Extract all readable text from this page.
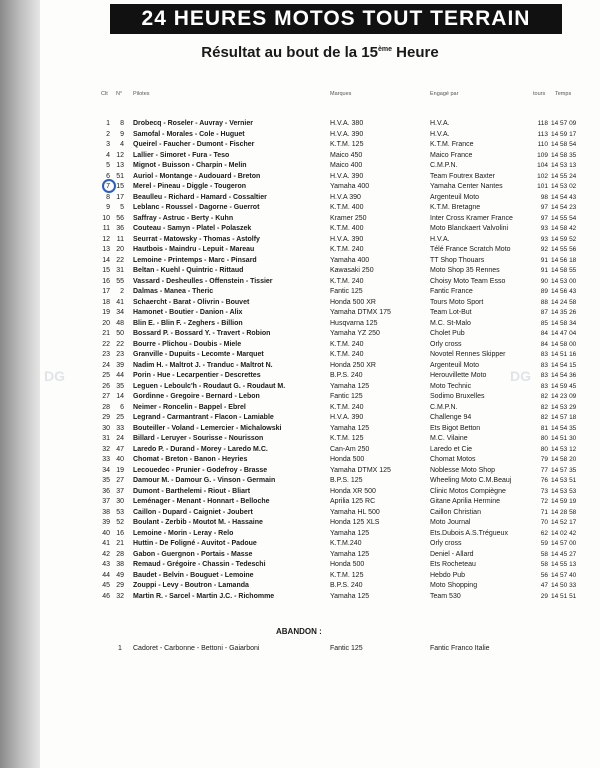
24 HEURES MOTOS TOUT TERRAIN
Résultat au bout de la 15ème Heure
Clt N° Pilotes	Marques	Engagé par	tours Temps
1	8 Drobecq - Roseler - Auvray - Vernier	H.V.A. 380	H.V.A.	118 14 57 09
2	9 Samofal - Morales - Cole - Huguet	H.V.A. 390	H.V.A.	113 14 59 17
3	4 Queirel - Faucher - Dumont - Fischer	K.T.M. 125	K.T.M. France	110 14 58 54
4 12 Lallier - Simoret - Fura - Teso	Maico 450	Maico France	109 14 58 35
5 13 Mignot - Buisson - Charpin - Melin	Maico 400	C.M.P.N.	104 14 53 13
6 51 Auriol - Montange - Audouard - Breton	H.V.A. 390	Team Foutrex Baxter	102 14 55 24
7 15 Merel - Pineau - Diggle - Tougeron	Yamaha 400	Yamaha Center Nantes	101 14 53 02
8 17 Beaulleu - Richard - Hamard - Cossaltier	H.V.A 390	Argenteuil Moto	98 14 54 43
9	5 Leblanc - Roussel - Dagorne - Guerrot	K.T.M. 400	K.T.M. Bretagne	97 14 54 23
10 56 Saffray - Astruc - Berty - Kuhn	Kramer 250	Inter Cross Kramer France	97 14 55 54
11 36 Couteau - Samyn - Platel - Polaszek	K.T.M. 400	Moto Blanckaert Valvolini	93 14 58 42
12 11 Seurrat - Matowsky - Thomas - Astolfy	H.V.A. 390	H.V.A.	93 14 59 52
13 20 Hautbois - Maindru - Lepuit - Mareau	K.T.M. 240	Télé France Scratch Moto	92 14 55 56
14 22 Lemoine - Printemps - Marc - Pinsard	Yamaha 400	TT Shop Thouars	91 14 56 18
15 31 Beltan - Kuehl - Quintric - Rittaud	Kawasaki 250	Moto Shop 35 Rennes	91 14 58 55
16 55 Vassard - Desheulles - Offenstein - Tissier	K.T.M. 240	Choisy Moto Team Esso	90 14 53 00
17	2 Dalmas - Manea - Theric	Fantic 125	Fantic France	89 14 56 43
18 41 Schaercht - Barat - Olivrin - Bouvet	Honda 500 XR	Tours Moto Sport	88 14 24 58
19 34 Hamonet - Boutier - Danion - Alix	Yamaha DTMX 175	Team Lot-But	87 14 35 26
20 48 Blin E. - Blin F. - Zeghers - Billion	Husqvarna 125	M.C. St-Malo	85 14 58 34
21 50 Bossard P. - Bossard Y. - Travert - Robion	Yamaha YZ 250	Cholet Pub	84 14 47 04
22 22 Bourre - Plichou - Doubis - Miele	K.T.M. 240	Orly cross	84 14 58 00
23 23 Granville - Dupuits - Lecomte - Marquet	K.T.M. 240	Novotel Rennes Skipper	83 14 51 16
24 39 Nadim H. - Maltrot J. - Tranduc - Maltrot N.	Honda 250 XR	Argenteuil Moto	83 14 54 15
25 44 Porin - Hue - Lecarpentier - Descrettes	B.P.S. 240	Herouvillette Moto	83 14 54 36
26 35 Leguen - Leboulc'h - Roudaut G. - Roudaut M.	Yamaha 125	Moto Technic	83 14 59 45
27 14 Gordinne - Gregoire - Bernard - Lebon	Fantic 125	Sodimo Bruxelles	82 14 23 09
28	6 Neimer - Roncelin - Bappel - Ebrel	K.T.M. 240	C.M.P.N.	82 14 53 29
29 25 Legrand - Carmantrant - Flacon - Lamiable	H.V.A. 390	Challenge 94	82 14 57 18
30 33 Bouteiller - Voland - Lemercier - Michalowski	Yamaha 125	Ets Bigot Betton	81 14 54 35
31 24 Billard - Leruyer - Sourisse - Nourisson	K.T.M. 125	M.C. Vilaine	80 14 51 30
32 47 Laredo P. - Durand - Morey - Laredo M.C.	Can-Am 250	Laredo et Cie	80 14 53 12
33 40 Chomat - Breton - Banon - Heyries	Honda 500	Chomat Motos	79 14 58 20
34 19 Lecouedec - Prunier - Godefroy - Brasse	Yamaha DTMX 125	Noblesse Moto Shop	77 14 57 35
35 27 Damour M. - Damour G. - Vinson - Germain	B.P.S. 125	Wheeling Moto C.M.Beauj	76 14 53 51
36 37 Dumont - Barthelemi - Riout - Bliart	Honda XR 500	Clinic Motos Compiègne	73 14 53 53
37 30 Leménager - Menant - Honnart - Belloche	Aprilia 125 RC	Gitane Aprilia Hermine	72 14 59 19
38 53 Caillon - Dupard - Caigniet - Joubert	Yamaha HL 500	Caillon Christian	71 14 28 58
39 52 Boulant - Zerbib - Moutot M. - Hassaine	Honda 125 XLS	Moto Journal	70 14 52 17
40 16 Lemoine - Morin - Leray - Relo	Yamaha 125	Ets.Dubois A.S.Trégueux	62 14 02 42
41 21 Huttin - De Foligné - Auvitot - Padoue	K.T.M.240	Orly cross	59 14 57 00
42 28 Gabon - Guergnon - Portais - Masse	Yamaha 125	Deniel - Allard	58 14 45 27
43 38 Remaud - Grégoire - Chassin - Tedeschi	Honda 500	Ets Rocheteau	58 14 55 13
44 49 Baudet - Belvin - Bouguet - Lemoine	K.T.M. 125	Hebdo Pub	56 14 57 40
45 29 Zouppi - Levy - Boutron - Lamanda	B.P.S. 240	Moto Shopping	47 14 50 33
46 32 Martin R. - Sarcel - Martin J.C. - Richomme	Yamaha 125	Team 530	29 14 51 51
DG	DG
ABANDON :
1 Cadoret - Carbonne - Bettoni - Gaiarboni	Fantic 125	Fantic Franco Italie
